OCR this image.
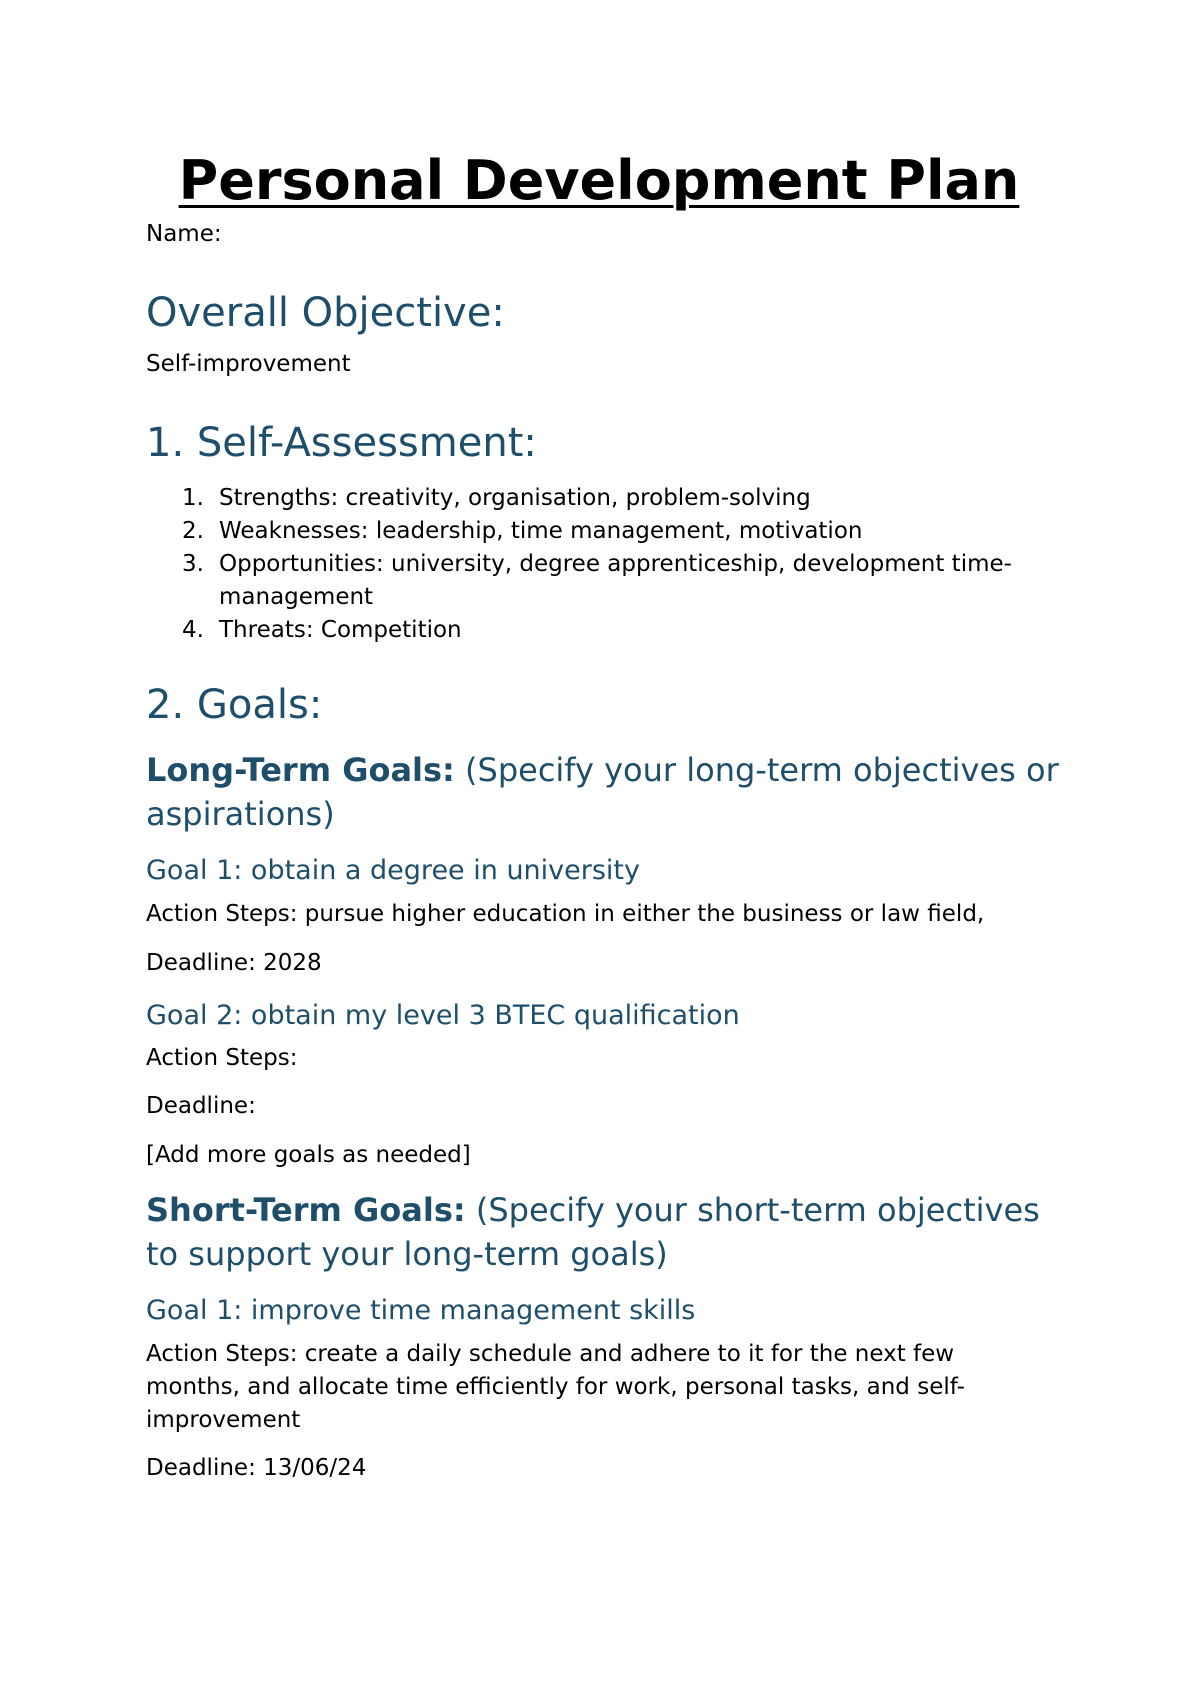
Personal Development Plan

Name:

Overall Objective:

Self-improvement

1. Self-Assessment:
1. Strengths: creativity, organisation, problem-solving
2. Weaknesses: leadership, time management, motivation
3. Opportunities: university, degree apprenticeship, development time-management
4. Threats: Competition
2. Goals:
Long-Term Goals: (Specify your long-term objectives or aspirations)
Goal 1: obtain a degree in university

Action Steps: pursue higher education in either the business or law field,

Deadline: 2028

Goal 2: obtain my level 3 BTEC qualification

Action Steps:

Deadline:

[Add more goals as needed]

Short-Term Goals: (Specify your short-term objectives to support your long-term goals)
Goal 1: improve time management skills

Action Steps: create a daily schedule and adhere to it for the next few months, and allocate time efficiently for work, personal tasks, and self-improvement

Deadline: 13/06/24
